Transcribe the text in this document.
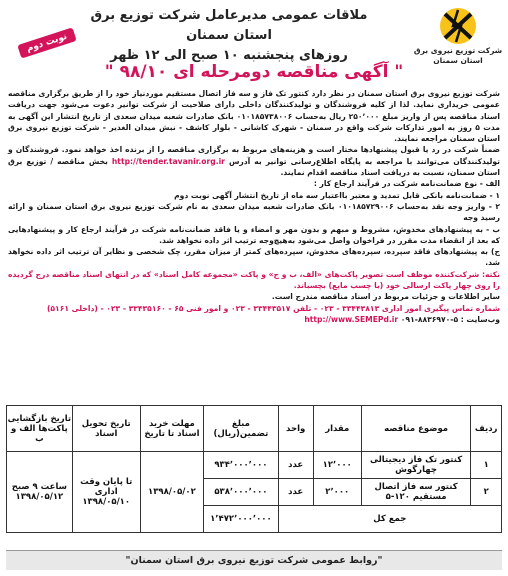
شرکت توزیع نیروی برق
استان سمنان
ملاقات عمومی مدیرعامل شرکت توزیع برق استان سمنان
روزهای پنجشنبه ۱۰ صبح الی ۱۲ ظهر
نوبت دوم
" آگهی مناقصه دومرحله ای ۹۸/۱۰ "

شرکت توزیع نیروی برق استان سمنان در نظر دارد کنتور تک فاز و سه فاز اتصال مستقیم موردنیاز خود را از طریق برگزاری مناقصه عمومی خریداری نماید. لذا از کلیه فروشندگان و تولیدکنندگان داخلی دارای صلاحیت از شرکت توانیر دعوت می‌شود جهت دریافت اسناد مناقصه پس از واریز مبلغ ۲۵۰٬۰۰۰ ریال به‌حساب ۰۱۰۱۸۵۷۳۸۰۰۶ بانک صادرات شعبه میدان سعدی از تاریخ انتشار این آگهی به مدت ۵ روز به امور تدارکات شرکت واقع در سمنان - شهرک کاشانی - بلوار کاشف - نبش میدان الغدیر - شرکت توزیع نیروی برق استان سمنان مراجعه نمایند.

ضمناً شرکت در رد یا قبول پیشنهادها مختار است و هزینه‌های مربوط به برگزاری مناقصه را از برنده اخذ خواهد نمود. فروشندگان و تولیدکنندگان می‌توانند با مراجعه به پایگاه اطلاع‌رسانی توانیر به آدرس http://tender.tavanir.org.ir بخش مناقصه / توزیع برق استان سمنان، نسبت به دریافت اسناد مناقصه اقدام نمایند.

الف - نوع ضمانت‌نامه شرکت در فرآیند ارجاع کار :

۱ - ضمانت‌نامه بانکی قابل تمدید و معتبر بااعتبار سه ماه از تاریخ انتشار آگهی نوبت دوم

۲ - واریز وجه نقد به‌حساب ۰۱۰۱۸۵۷۲۹۰۰۶ بانک صادرات شعبه میدان سعدی به نام شرکت توزیع نیروی برق استان سمنان و ارائه رسید وجه

ب - به پیشنهادهای مخدوش، مشروط و مبهم و بدون مهر و امضاء و یا فاقد ضمانت‌نامه شرکت در فرآیند ارجاع کار و پیشنهادهایی که بعد از انقضاء مدت مقرر در فراخوان واصل می‌شود به‌هیچ‌وجه ترتیب اثر داده نخواهد شد.

ج) به پیشنهادهای فاقد سپرده، سپرده‌های مخدوش، سپرده‌های کمتر از میزان مقرر، چک شخصی و نظایر آن ترتیب اثر داده نخواهد شد.

نکته: شرکت‌کننده موظف است تصویر پاکت‌های «الف، ب و ج» و پاکت «مجموعه کامل اسناد» که در انتهای اسناد مناقصه درج گردیده را روی چهار پاکت ارسالی خود (با چسب مایع) بچسباند.

سایر اطلاعات و جزئیات مربوط در اسناد مناقصه مندرج است.

شماره تماس پیگیری امور اداری ۳۳۴۴۳۸۱۳ - ۰۲۳ - تلفن ۳۳۴۴۳۵۱۷ - ۰۲۳ و امور فنی ۶۵ - ۳۳۴۳۵۱۶۰ - ۰۲۳ - (داخلی ۵۱۶۱)

وب‌سایت : http://www.SEMEPd.ir ۰۹۱-۸۸۳۶۹۷۰-۵

ردیف	موضوع مناقصه	مقدار	واحد	مبلغ تضمین(ریال)	مهلت خرید اسناد تا تاریخ	تاریخ تحویل اسناد	تاریخ بازگشایی پاکت‌ها الف و ب
۱	کنتور تک فاز دیجیتالی چهارگوش	۱۲٬۰۰۰	عدد	۹۳۴٬۰۰۰٬۰۰۰	۱۳۹۸/۰۵/۰۲	تا پایان وقت اداری ۱۳۹۸/۰۵/۱۰	ساعت ۹ صبح ۱۳۹۸/۰۵/۱۲
۲	کنتور سه فاز اتصال مستقیم ۱۲۰-۵	۲٬۰۰۰	عدد	۵۳۸٬۰۰۰٬۰۰۰			
جمع کل				۱٬۴۷۲٬۰۰۰٬۰۰۰			
"روابط عمومی شرکت توزیع نیروی برق استان سمنان"
